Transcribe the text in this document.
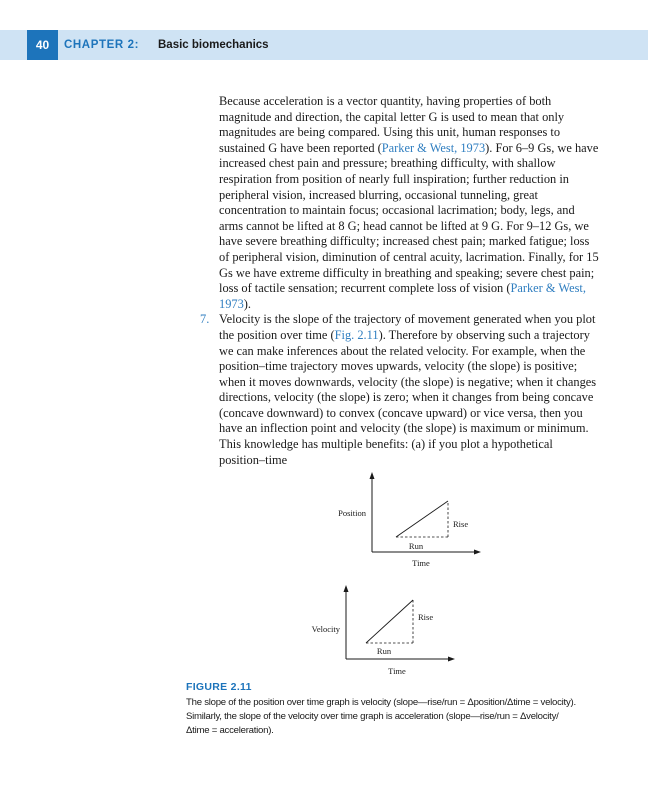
40	CHAPTER 2: Basic biomechanics

Because acceleration is a vector quantity, having properties of both magnitude and direction, the capital letter G is used to mean that only magnitudes are being compared. Using this unit, human responses to sustained G have been reported (Parker & West, 1973). For 6–9 Gs, we have increased chest pain and pressure; breathing difficulty, with shallow respiration from position of nearly full inspiration; further reduction in peripheral vision, increased blurring, occasional tunneling, great concentration to maintain focus; occasional lacrimation; body, legs, and arms cannot be lifted at 8 G; head cannot be lifted at 9 G. For 9–12 Gs, we have severe breathing difficulty; increased chest pain; marked fatigue; loss of peripheral vision, diminution of central acuity, lacrimation. Finally, for 15 Gs we have extreme difficulty in breathing and speaking; severe chest pain; loss of tactile sensation; recurrent complete loss of vision (Parker & West, 1973).

7. Velocity is the slope of the trajectory of movement generated when you plot the position over time (Fig. 2.11). Therefore by observing such a trajectory we can make inferences about the related velocity. For example, when the position–time trajectory moves upwards, velocity (the slope) is positive; when it moves downwards, velocity (the slope) is negative; when it changes directions, velocity (the slope) is zero; when it changes from being concave (concave downward) to convex (concave upward) or vice versa, then you have an inflection point and velocity (the slope) is maximum or minimum. This knowledge has multiple benefits: (a) if you plot a hypothetical position–time

Position
Rise
Run
Time
Velocity
Rise
Run
Time
FIGURE 2.11
The slope of the position over time graph is velocity (slope—rise/run = Δposition/Δtime = velocity).
Similarly, the slope of the velocity over time graph is acceleration (slope—rise/run = Δvelocity/
Δtime = acceleration).
